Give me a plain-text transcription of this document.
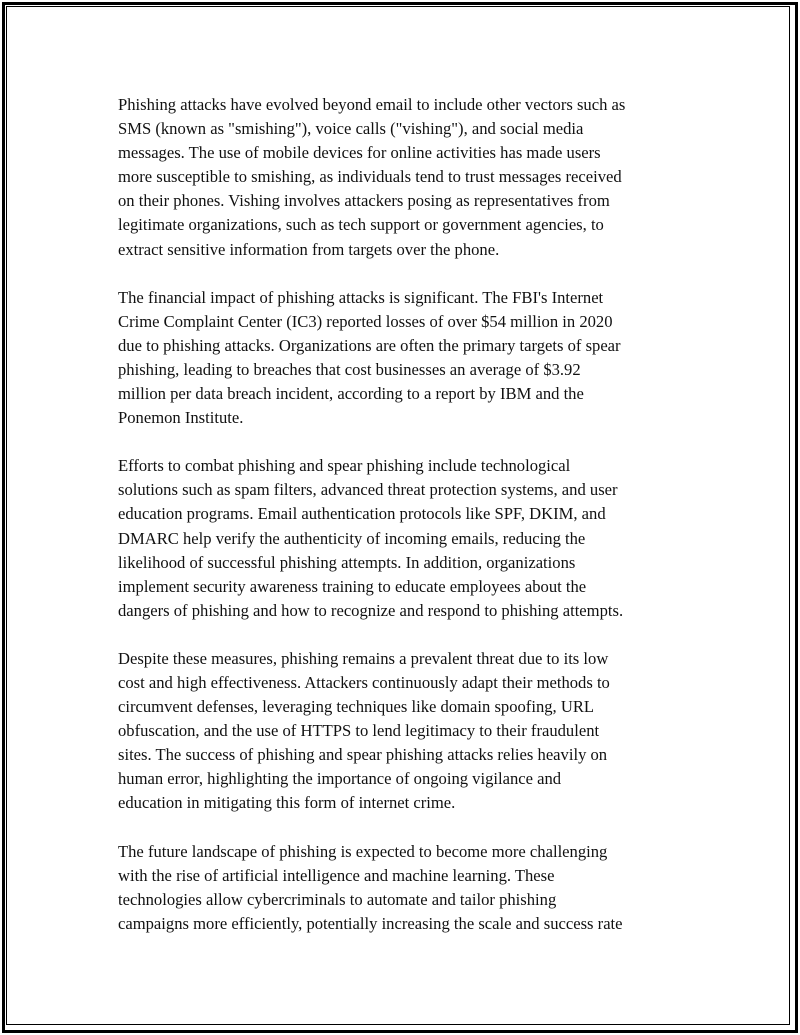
Phishing attacks have evolved beyond email to include other vectors such as
SMS (known as "smishing"), voice calls ("vishing"), and social media
messages. The use of mobile devices for online activities has made users
more susceptible to smishing, as individuals tend to trust messages received
on their phones. Vishing involves attackers posing as representatives from
legitimate organizations, such as tech support or government agencies, to
extract sensitive information from targets over the phone.

The financial impact of phishing attacks is significant. The FBI's Internet
Crime Complaint Center (IC3) reported losses of over $54 million in 2020
due to phishing attacks. Organizations are often the primary targets of spear
phishing, leading to breaches that cost businesses an average of $3.92
million per data breach incident, according to a report by IBM and the
Ponemon Institute.

Efforts to combat phishing and spear phishing include technological
solutions such as spam filters, advanced threat protection systems, and user
education programs. Email authentication protocols like SPF, DKIM, and
DMARC help verify the authenticity of incoming emails, reducing the
likelihood of successful phishing attempts. In addition, organizations
implement security awareness training to educate employees about the
dangers of phishing and how to recognize and respond to phishing attempts.

Despite these measures, phishing remains a prevalent threat due to its low
cost and high effectiveness. Attackers continuously adapt their methods to
circumvent defenses, leveraging techniques like domain spoofing, URL
obfuscation, and the use of HTTPS to lend legitimacy to their fraudulent
sites. The success of phishing and spear phishing attacks relies heavily on
human error, highlighting the importance of ongoing vigilance and
education in mitigating this form of internet crime.

The future landscape of phishing is expected to become more challenging
with the rise of artificial intelligence and machine learning. These
technologies allow cybercriminals to automate and tailor phishing
campaigns more efficiently, potentially increasing the scale and success rate
